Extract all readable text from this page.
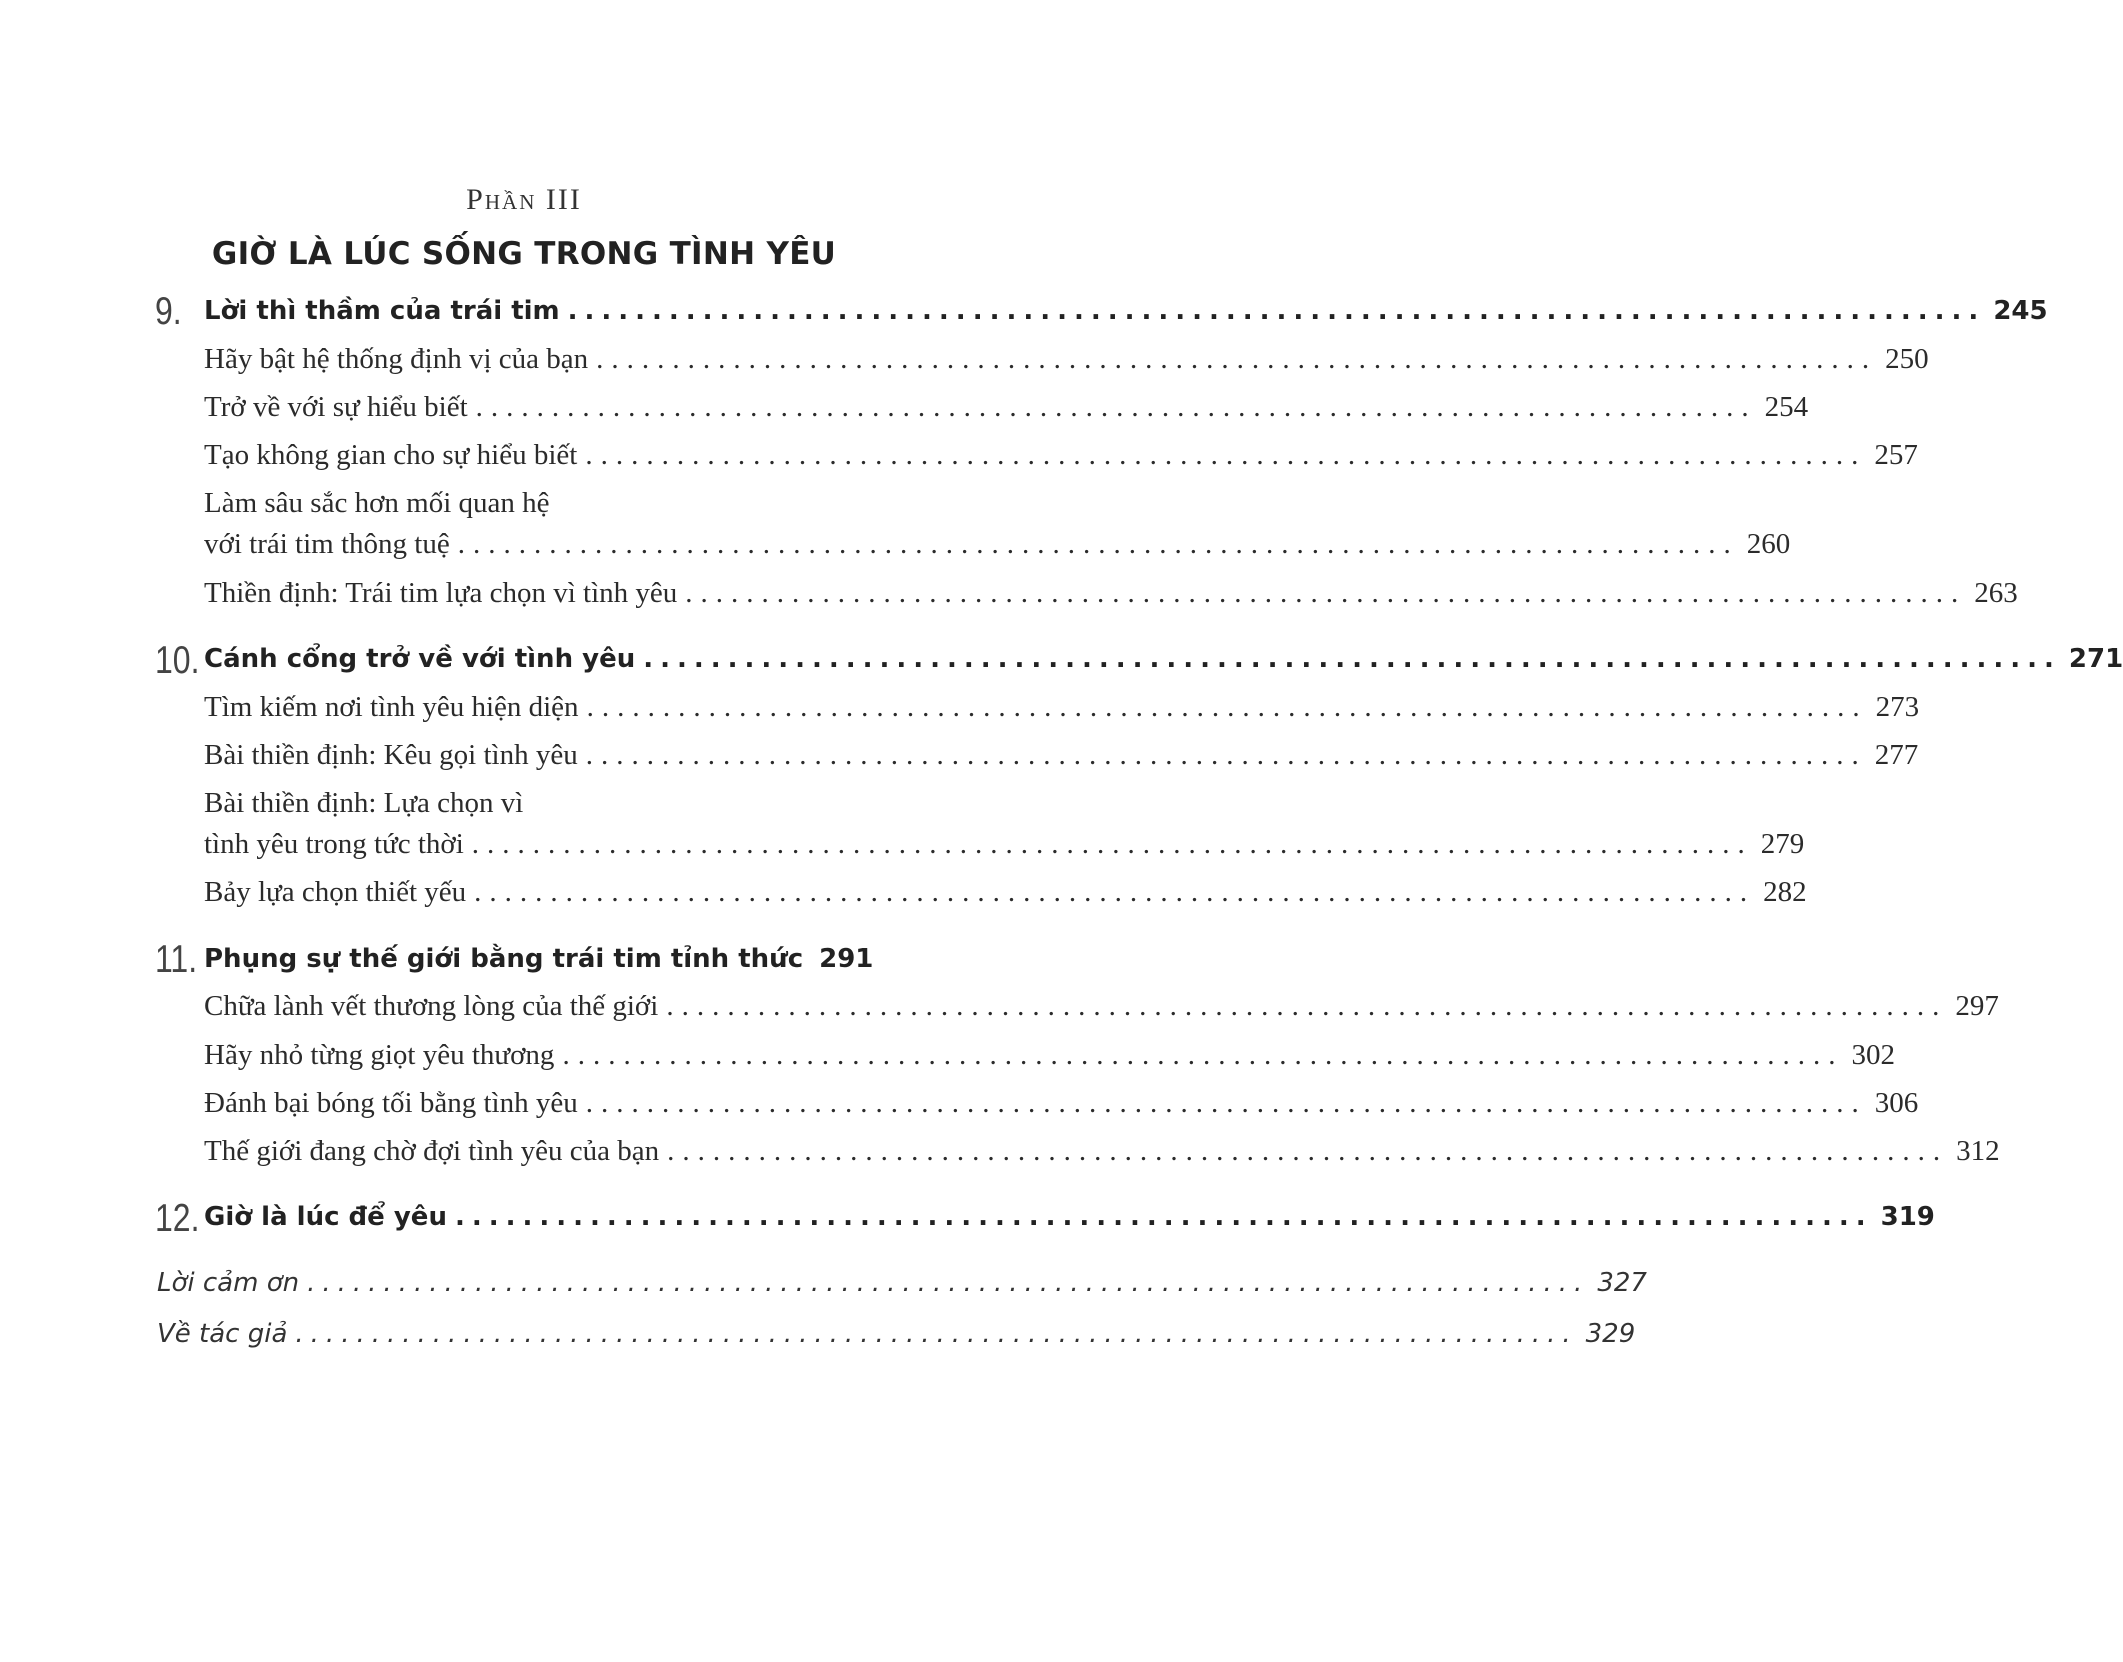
Phần III
GIỜ LÀ LÚC SỐNG TRONG TÌNH YÊU
9. Lời thì thầm của trái tim .................................................................................... 245
Hãy bật hệ thống định vị của bạn .................................................................................... 250
Trở về với sự hiểu biết .................................................................................... 254
Tạo không gian cho sự hiểu biết .................................................................................... 257
Làm sâu sắc hơn mối quan hệ
với trái tim thông tuệ .................................................................................... 260
Thiền định: Trái tim lựa chọn vì tình yêu .................................................................................... 263
10. Cánh cổng trở về với tình yêu .................................................................................... 271
Tìm kiếm nơi tình yêu hiện diện .................................................................................... 273
Bài thiền định: Kêu gọi tình yêu .................................................................................... 277
Bài thiền định: Lựa chọn vì
tình yêu trong tức thời .................................................................................... 279
Bảy lựa chọn thiết yếu .................................................................................... 282
11. Phụng sự thế giới bằng trái tim tỉnh thức 291
Chữa lành vết thương lòng của thế giới .................................................................................... 297
Hãy nhỏ từng giọt yêu thương .................................................................................... 302
Đánh bại bóng tối bằng tình yêu .................................................................................... 306
Thế giới đang chờ đợi tình yêu của bạn .................................................................................... 312
12. Giờ là lúc để yêu .................................................................................... 319
Lời cảm ơn .................................................................................... 327
Về tác giả .................................................................................... 329
